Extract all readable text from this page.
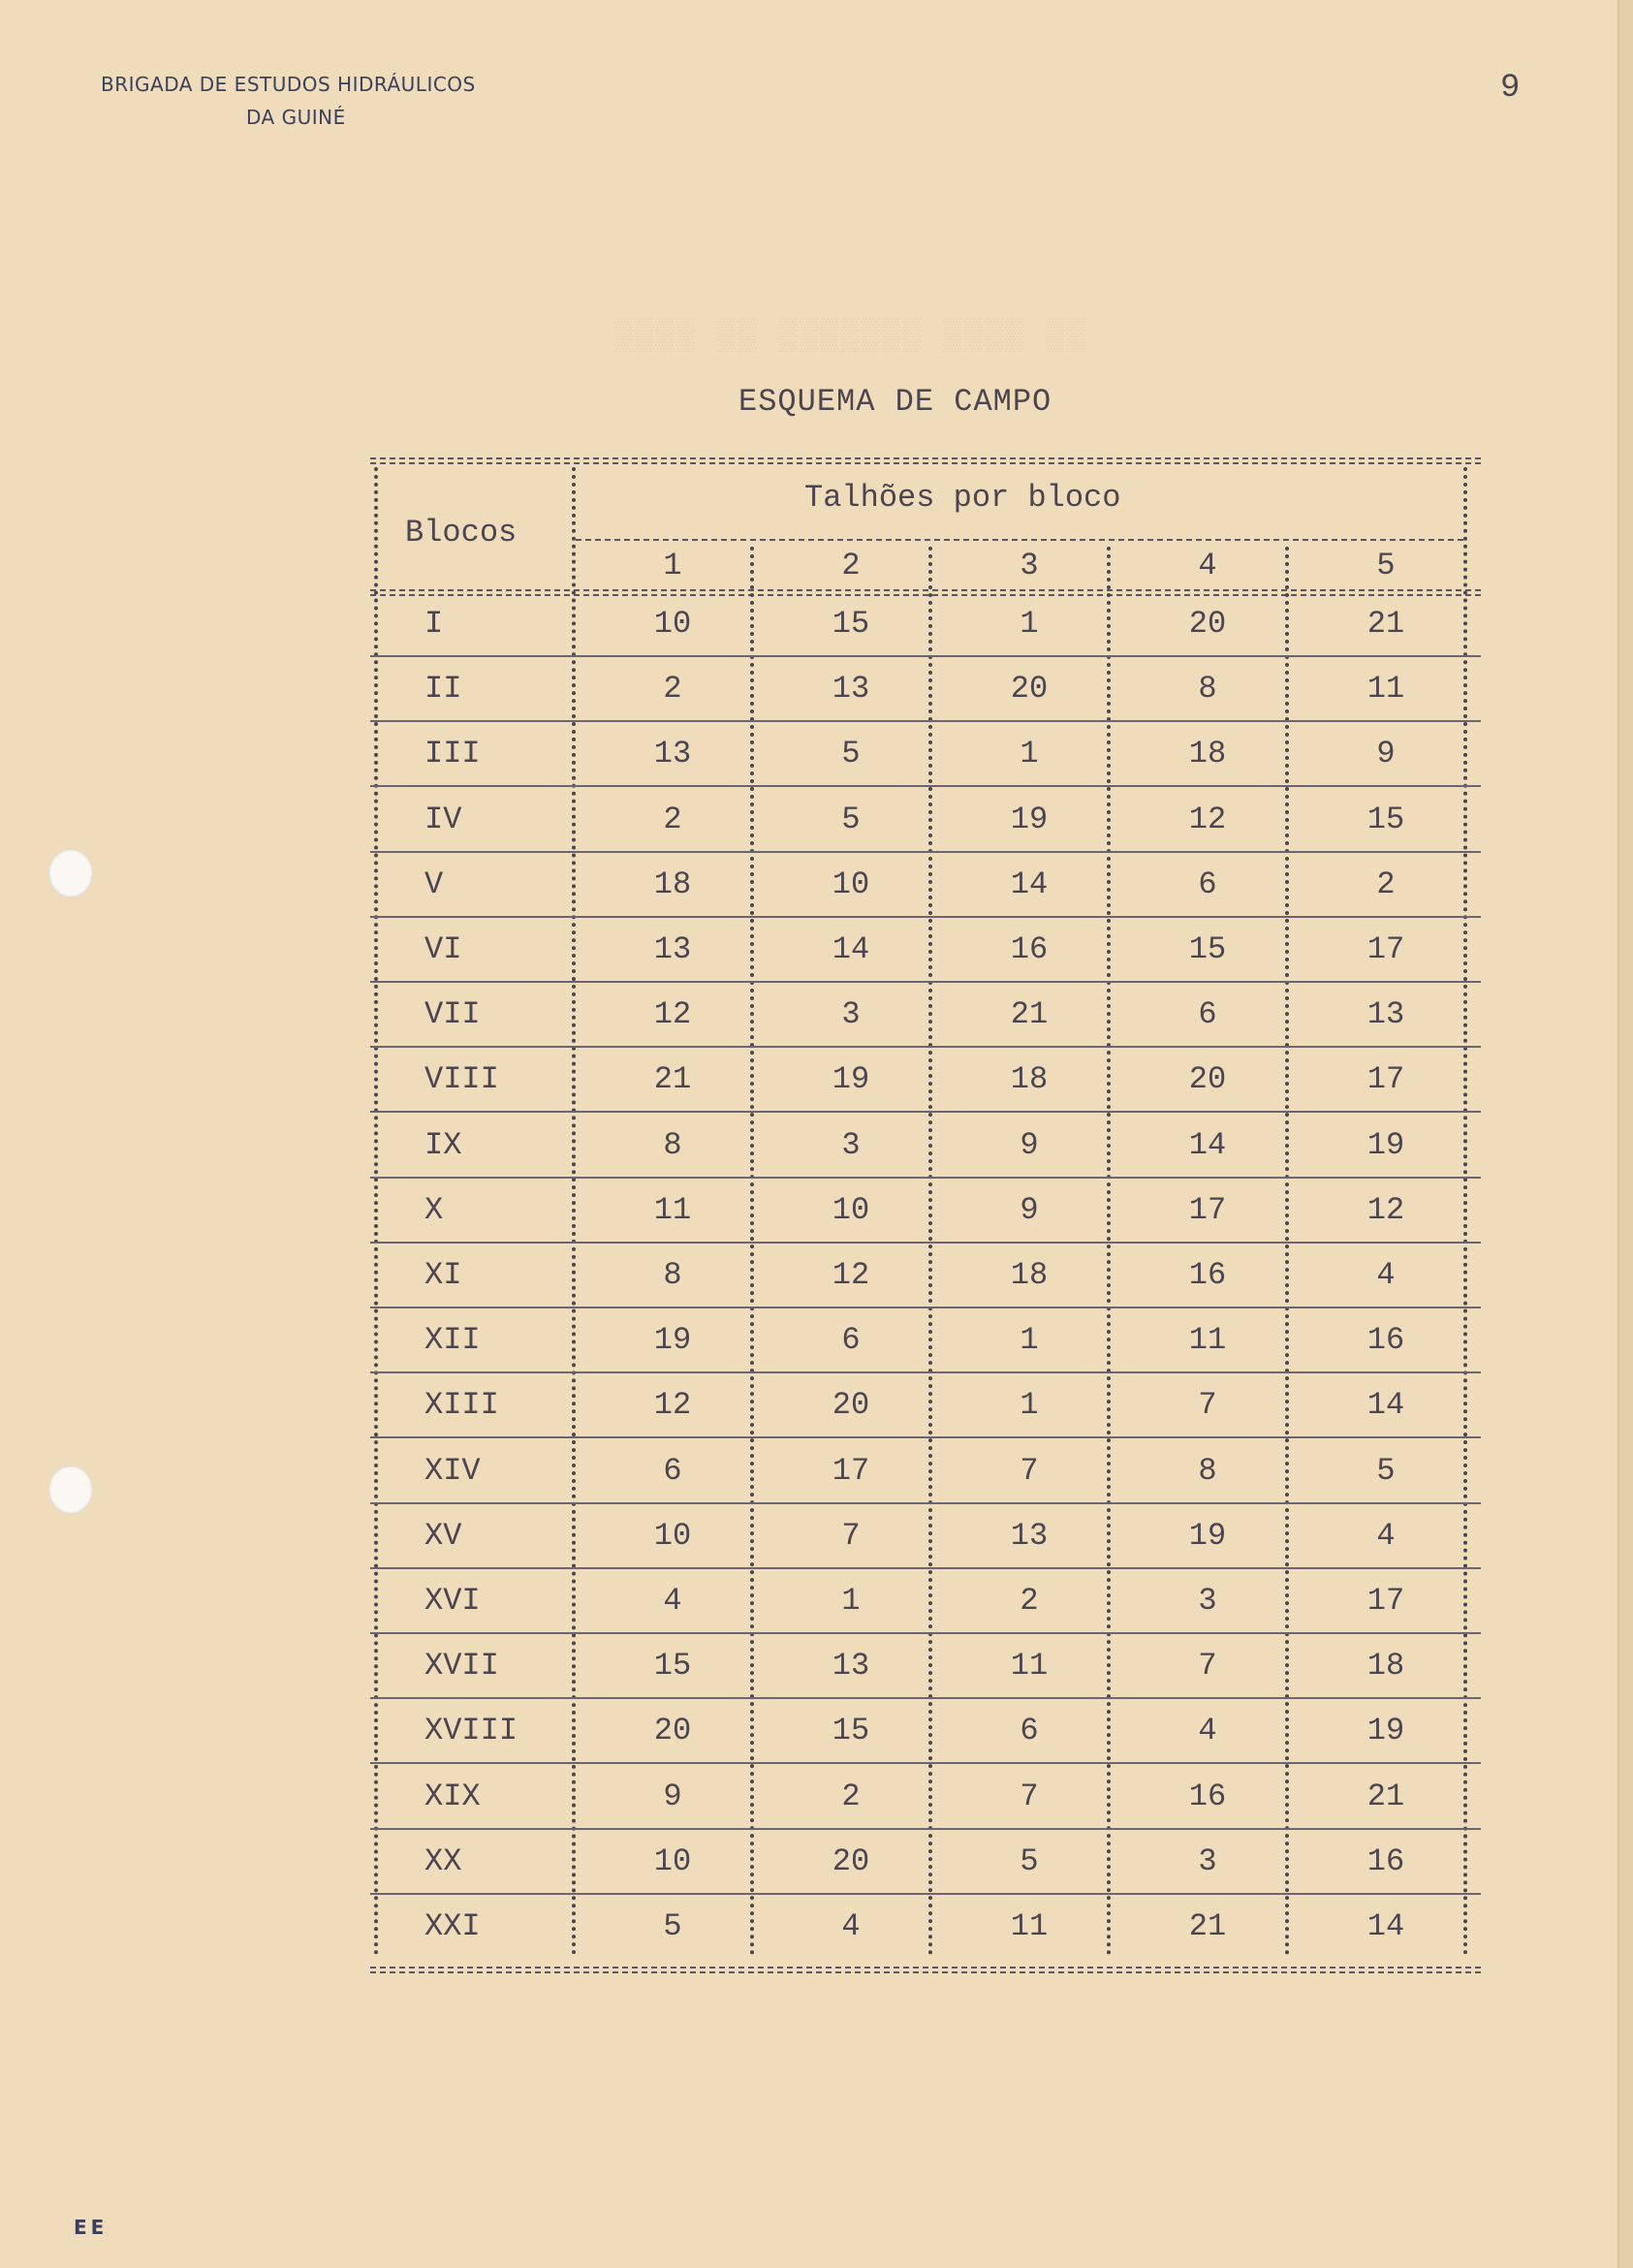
BRIGADA DE ESTUDOS HIDRÁULICOS
DA GUINÉ
9
▒▒▒▒ ▒▒ ▒▒▒▒▒▒▒ ▒▒▒▒ ▒▒
ESQUEMA DE CAMPO
Blocos
Talhões por bloco
1	2	3	4	5
I	10	15	1	20	21
II	2	13	20	8	11
III	13	5	1	18	9
IV	2	5	19	12	15
V	18	10	14	6	2
VI	13	14	16	15	17
VII	12	3	21	6	13
VIII	21	19	18	20	17
IX	8	3	9	14	19
X	11	10	9	17	12
XI	8	12	18	16	4
XII	19	6	1	11	16
XIII	12	20	1	7	14
XIV	6	17	7	8	5
XV	10	7	13	19	4
XVI	4	1	2	3	17
XVII	15	13	11	7	18
XVIII	20	15	6	4	19
XIX	9	2	7	16	21
XX	10	20	5	3	16
XXI	5	4	11	21	14
EE
